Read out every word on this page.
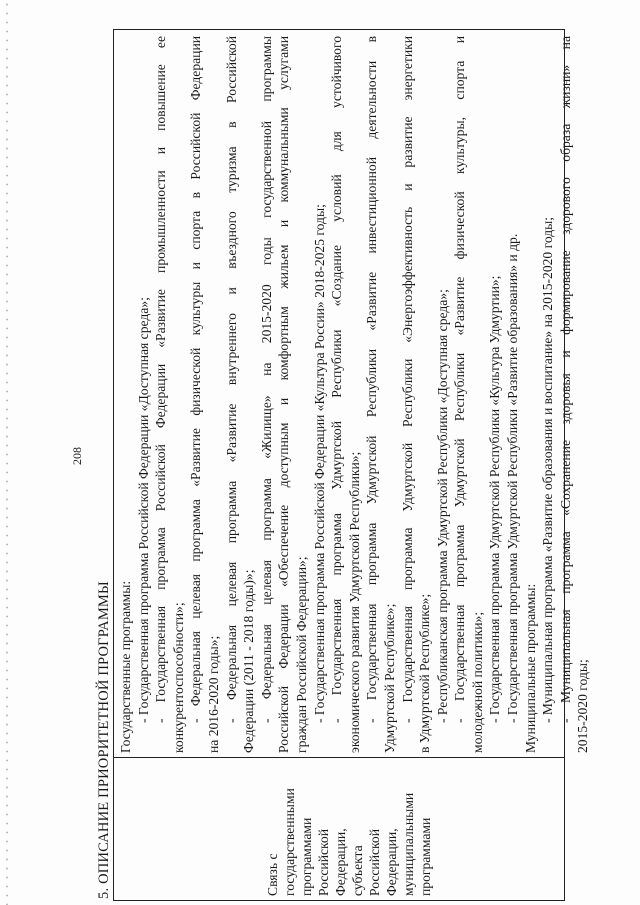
208
5. ОПИСАНИЕ ПРИОРИТЕТНОЙ ПРОГРАММЫ	Связь с государственными программами Российской Федерации, субъекта Российской Федерации, муниципальными программами
Государственные программы: - Государственная программа Российской Федерации «Доступная среда»; - Государственная программа Российской Федерации «Развитие промышленности и повышение ее конкурентоспособности»; - Федеральная целевая программа «Развитие физической культуры и спорта в Российской Федерации на 2016-2020 годы»; - Федеральная целевая программа «Развитие внутреннего и въездного туризма в Российской Федерации (2011 - 2018 годы)»; - Федеральная целевая программа «Жилище» на 2015-2020 годы государственной программы Российской Федерации «Обеспечение доступным и комфортным жильем и коммунальными услугами граждан Российской Федерации»; - Государственная программа Российской Федерации «Культура России» 2018-2025 годы; - Государственная программа Удмуртской Республики «Создание условий для устойчивого экономического развития Удмуртской Республики»; - Государственная программа Удмуртской Республики «Развитие инвестиционной деятельности в Удмуртской Республике»; - Государственная программа Удмуртской Республики «Энергоэффективность и развитие энергетики в Удмуртской Республике»; - Республиканская программа Удмуртской Республики «Доступная среда»; - Государственная программа Удмуртской Республики «Развитие физической культуры, спорта и молодежной политики»; - Государственная программа Удмуртской Республики «Культура Удмуртии»; - Государственная программа Удмуртской Республики «Развитие образования» и др. Муниципальные программы: - Муниципальная программа «Развитие образования и воспитание» на 2015-2020 годы; - Муниципальная программа «Сохранение здоровья и формирование здорового образа жизни» на 2015-2020 годы;
